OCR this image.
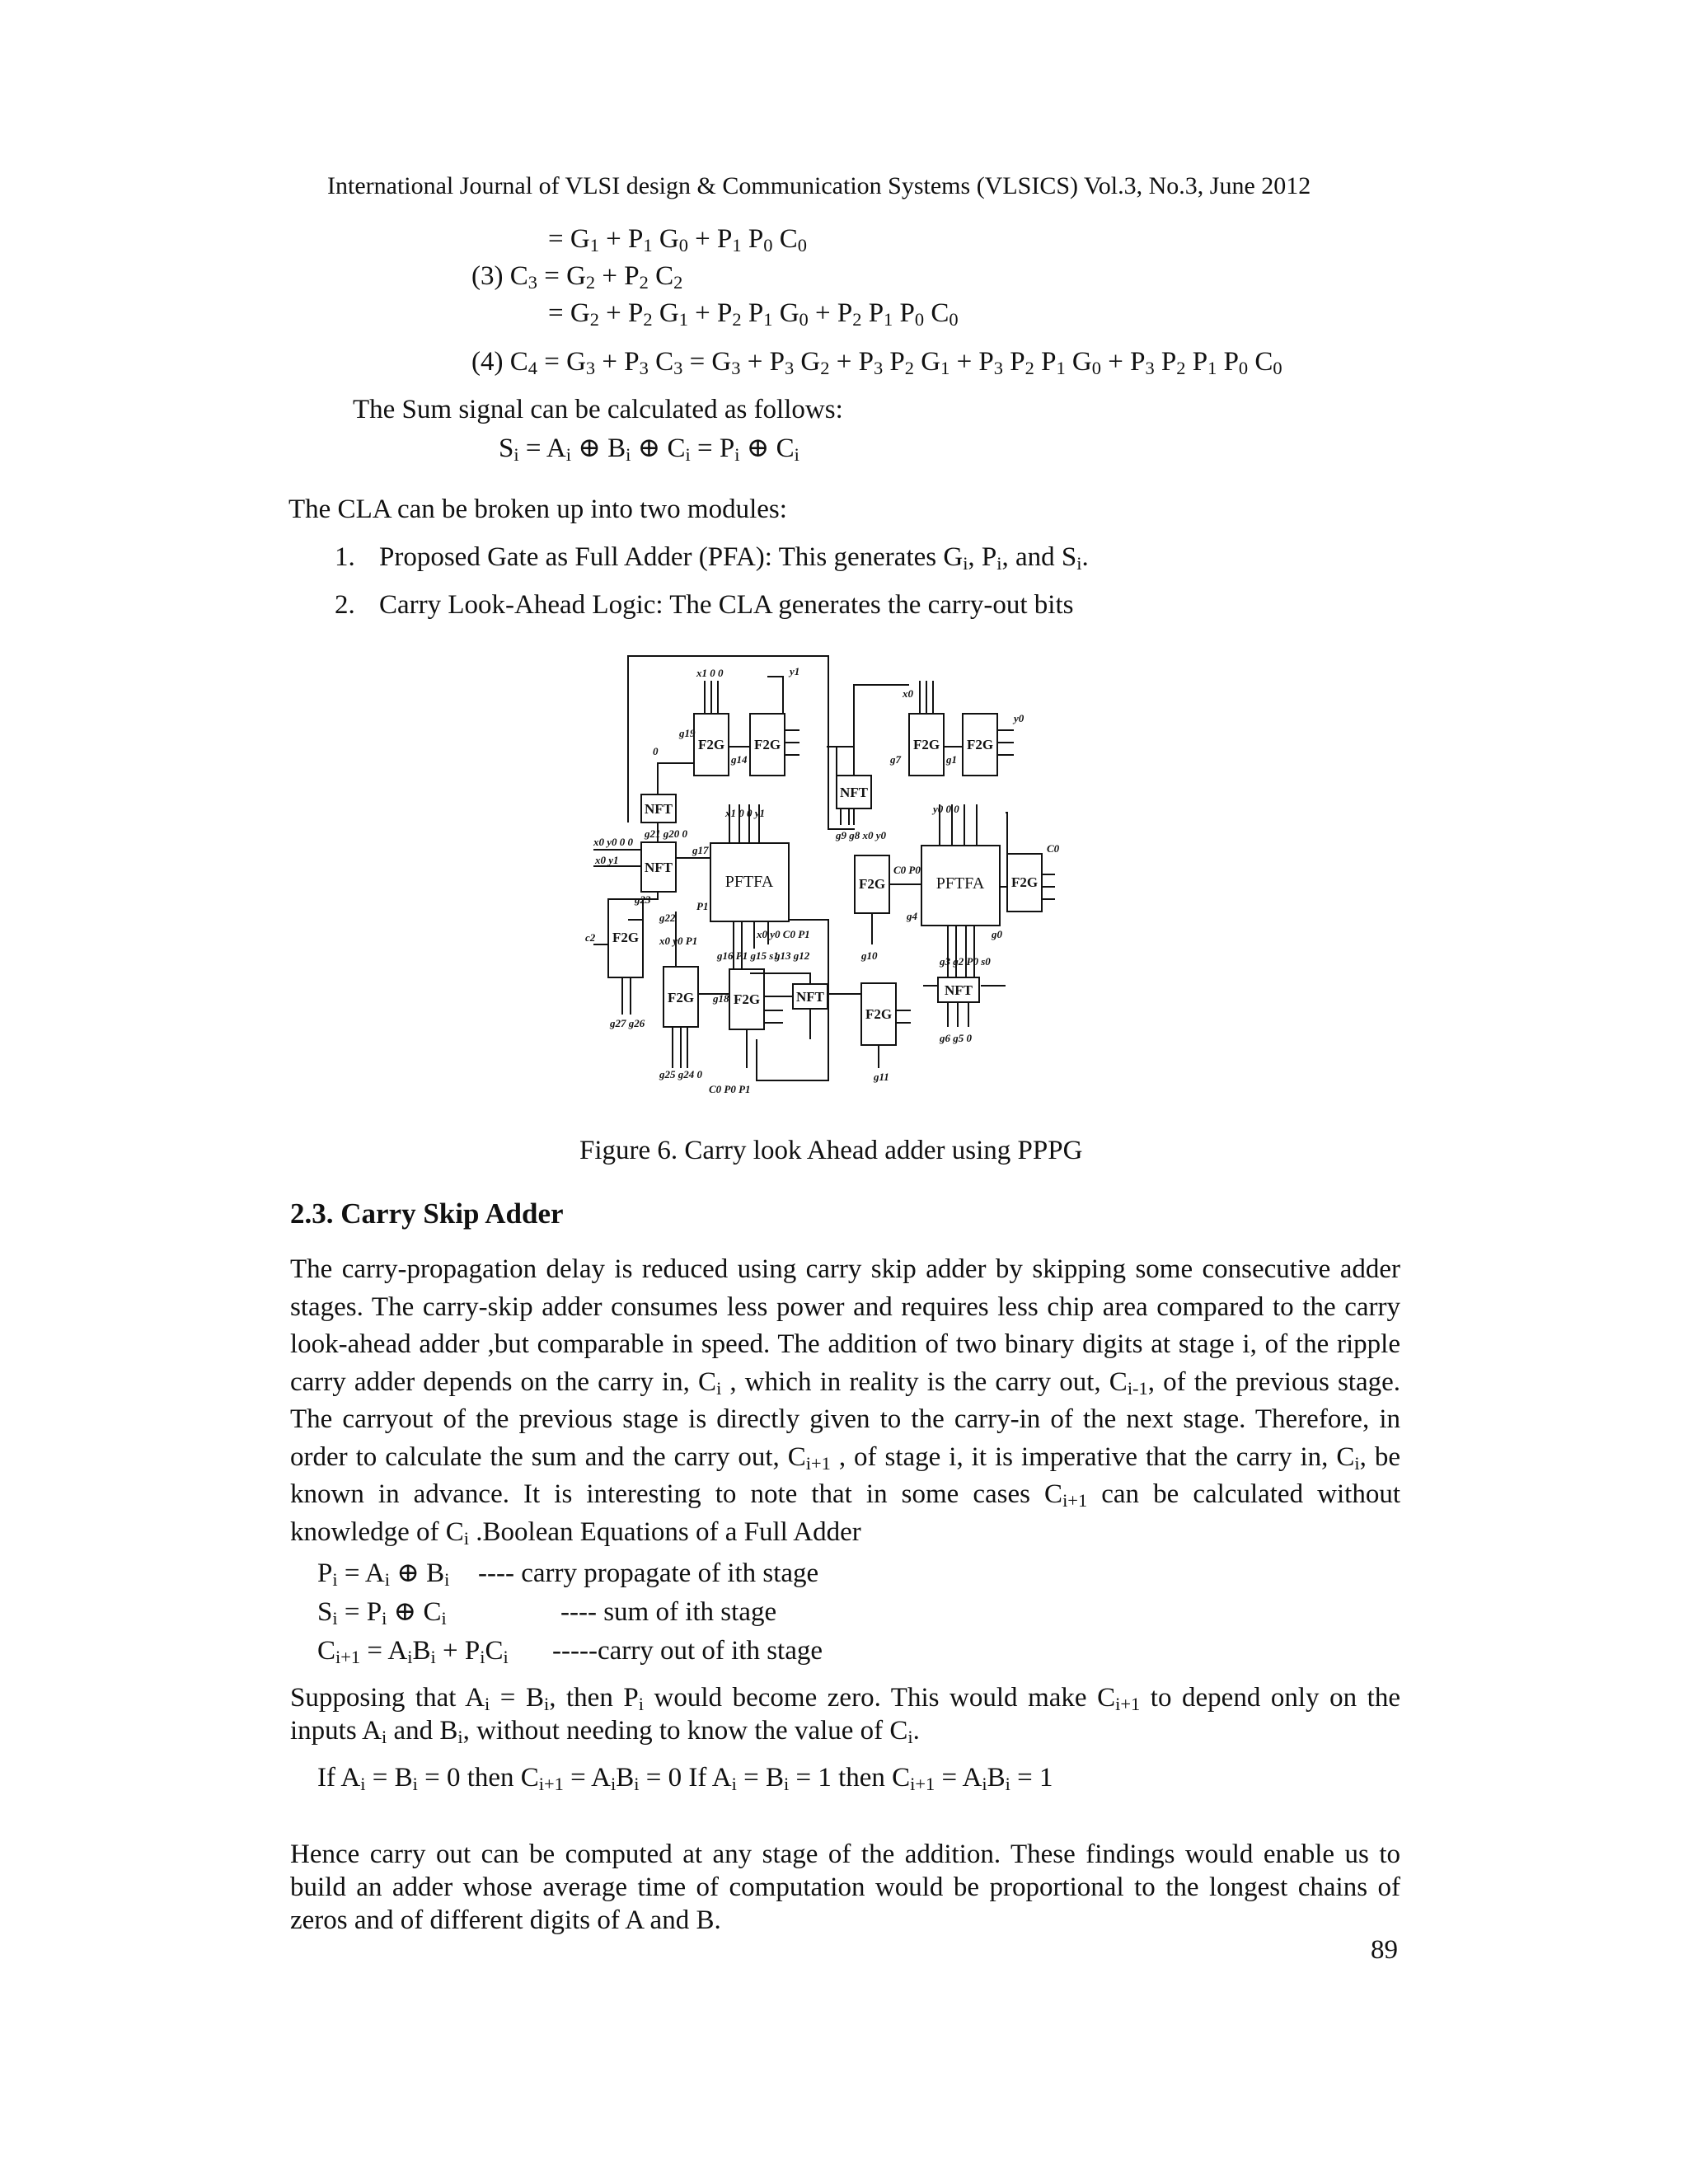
International Journal of VLSI design & Communication Systems (VLSICS) Vol.3, No.3, June 2012
= $G_1 + P_1$ $G_0 + P_1$ $P_0$ $C_0$
(3) $C_3 = G_2 + P_2$ $C_2$
= $G_2 + P_2$ $G_1 + P_2$ $P_1$ $G_0 + P_2$ $P_1$ $P_0$ $C_0$
(4) $C_4 = G_3 + P_3$ $C_3 = G_3 + P_3$ $G_2 + P_3$ $P_2$ $G_1 + P_3$ $P_2$ $P_1$ $G_0 + P_3$ $P_2$ $P_1$ $P_0$ $C_0$
The Sum signal can be calculated as follows:
$S_i = A_i$ ⊕ $B_i$ ⊕ $C_i = P_i$ ⊕ $C_i$
The CLA can be broken up into two modules:
1. Proposed Gate as Full Adder (PFA): This generates $G_i$, $P_i$, and $S_i$.
2. Carry Look-Ahead Logic: The CLA generates the carry-out bits
F2G F2G
NFT
NFT
F2G
F2G	F2G	NFT
F2G
NFT
F2G F2G
F2G
NFT
F2G
PFTFA	PFTFA
x1 0 0	y1
0
g19
g14
g21 g20 0
x0 y0 0 0
x0 y1
g17
g23
g22
P1
c2	x0 y0 P1
x1 0 0 y1
g16 P1 g15 s1
g13 g12
g18
g27 g26
g25 g24 0
C0 P0 P1
g11
g10
g9 g8 x0 y0
g7	g1
y0
x0
y0 0 0
C0 P0
g4
g0
g3 g2 P0 s0
g6 g5 0
C0
x0 y0 C0 P1
Figure 6. Carry look Ahead adder using PPPG
2.3. Carry Skip Adder
The carry-propagation delay is reduced using carry skip adder by skipping some consecutive adder stages. The carry-skip adder consumes less power and requires less chip area compared to the carry look-ahead adder ,but comparable in speed. The addition of two binary digits at stage i, of the ripple carry adder depends on the carry in, $C_i$ , which in reality is the carry out, $C_{i-1}$, of the previous stage. The carryout of the previous stage is directly given to the carry-in of the next stage. Therefore, in order to calculate the sum and the carry out, $C_{i+1}$ , of stage i, it is imperative that the carry in, $C_i$, be known in advance. It is interesting to note that in some cases $C_{i+1}$ can be calculated without knowledge of $C_i$ .Boolean Equations of a Full Adder
$P_i = A_i$ ⊕ $B_i$ ---- carry propagate of ith stage
$S_i = P_i$ ⊕ $C_i$	---- sum of ith stage
$C_{i+1} = A_iB_i + P_iC_i$ -----carry out of ith stage
Supposing that $A_i = B_i$, then $P_i$ would become zero. This would make $C_{i+1}$ to depend only on the inputs $A_i$ and $B_i$, without needing to know the value of $C_i$.
If $A_i = B_i = 0$ then $C_{i+1} = A_iB_i = 0$ If $A_i = B_i = 1$ then $C_{i+1} = A_iB_i = 1$
Hence carry out can be computed at any stage of the addition. These findings would enable us to build an adder whose average time of computation would be proportional to the longest chains of zeros and of different digits of A and B.
89
